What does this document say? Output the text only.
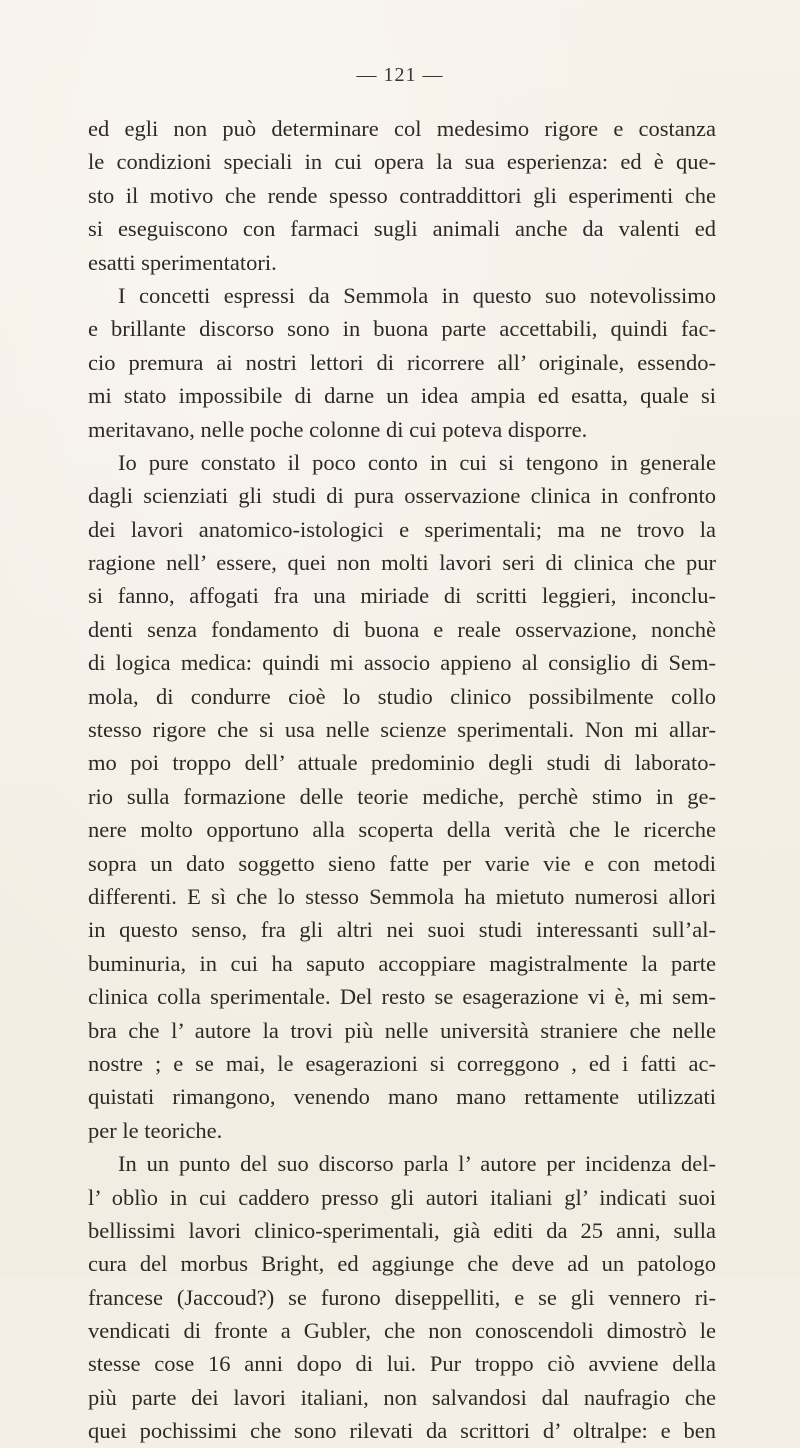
— 121 —
ed egli non può determinare col medesimo rigore e costanza
le condizioni speciali in cui opera la sua esperienza: ed è que-
sto il motivo che rende spesso contraddittori gli esperimenti che
si eseguiscono con farmaci sugli animali anche da valenti ed
esatti sperimentatori.
I concetti espressi da Semmola in questo suo notevolissimo
e brillante discorso sono in buona parte accettabili, quindi fac-
cio premura ai nostri lettori di ricorrere all’ originale, essendo-
mi stato impossibile di darne un idea ampia ed esatta, quale si
meritavano, nelle poche colonne di cui poteva disporre.
Io pure constato il poco conto in cui si tengono in generale
dagli scienziati gli studi di pura osservazione clinica in confronto
dei lavori anatomico-istologici e sperimentali; ma ne trovo la
ragione nell’ essere, quei non molti lavori seri di clinica che pur
si fanno, affogati fra una miriade di scritti leggieri, inconclu-
denti senza fondamento di buona e reale osservazione, nonchè
di logica medica: quindi mi associo appieno al consiglio di Sem-
mola, di condurre cioè lo studio clinico possibilmente collo
stesso rigore che si usa nelle scienze sperimentali. Non mi allar-
mo poi troppo dell’ attuale predominio degli studi di laborato-
rio sulla formazione delle teorie mediche, perchè stimo in ge-
nere molto opportuno alla scoperta della verità che le ricerche
sopra un dato soggetto sieno fatte per varie vie e con metodi
differenti. E sì che lo stesso Semmola ha mietuto numerosi allori
in questo senso, fra gli altri nei suoi studi interessanti sull’al-
buminuria, in cui ha saputo accoppiare magistralmente la parte
clinica colla sperimentale. Del resto se esagerazione vi è, mi sem-
bra che l’ autore la trovi più nelle università straniere che nelle
nostre ; e se mai, le esagerazioni si correggono , ed i fatti ac-
quistati rimangono, venendo mano mano rettamente utilizzati
per le teoriche.
In un punto del suo discorso parla l’ autore per incidenza del-
l’ oblìo in cui caddero presso gli autori italiani gl’ indicati suoi
bellissimi lavori clinico-sperimentali, già editi da 25 anni, sulla
cura del morbus Bright, ed aggiunge che deve ad un patologo
francese (Jaccoud?) se furono diseppelliti, e se gli vennero ri-
vendicati di fronte a Gubler, che non conoscendoli dimostrò le
stesse cose 16 anni dopo di lui. Pur troppo ciò avviene della
più parte dei lavori italiani, non salvandosi dal naufragio che
quei pochissimi che sono rilevati da scrittori d’ oltralpe: e ben
